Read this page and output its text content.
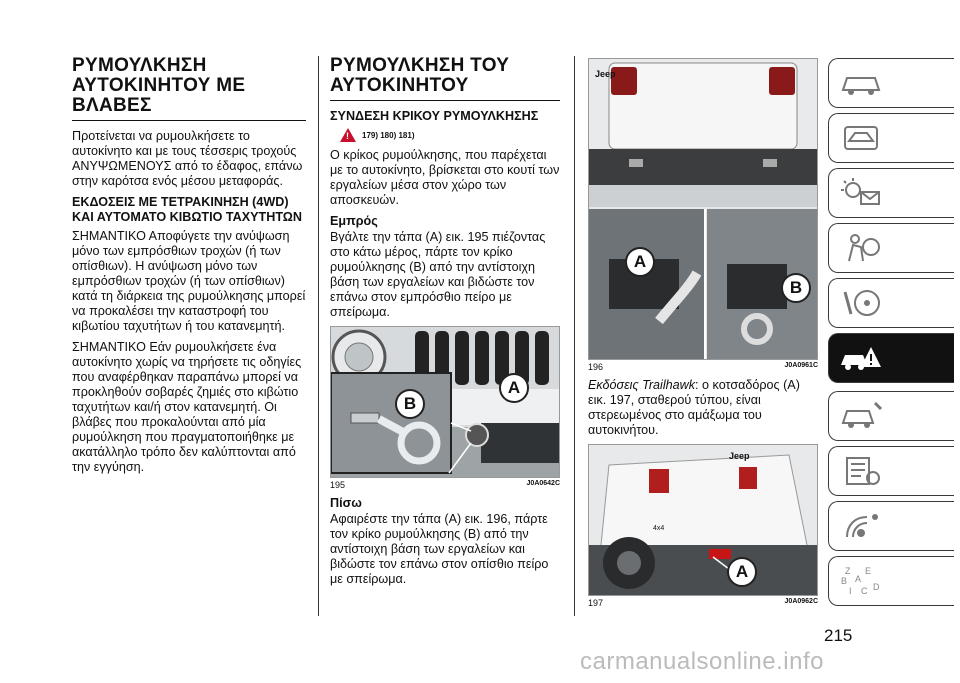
ΡΥΜΟΥΛΚΗΣΗ
ΑΥΤΟΚΙΝΗΤΟΥ ΜΕ ΒΛΑΒΕΣ

Προτείνεται να ρυμουλκήσετε το αυτοκίνητο και με τους τέσσερις τροχούς ΑΝΥΨΩΜΕΝΟΥΣ από το έδαφος, επάνω στην καρότσα ενός μέσου μεταφοράς.

ΕΚΔΟΣΕΙΣ ΜΕ ΤΕΤΡΑΚΙΝΗΣΗ (4WD) ΚΑΙ ΑΥΤΟΜΑΤΟ ΚΙΒΩΤΙΟ ΤΑΧΥΤΗΤΩΝ

ΣΗΜΑΝΤΙΚΟ Αποφύγετε την ανύψωση μόνο των εμπρόσθιων τροχών (ή των οπίσθιων). Η ανύψωση μόνο των εμπρόσθιων τροχών (ή των οπίσθιων) κατά τη διάρκεια της ρυμούλκησης μπορεί να προκαλέσει την καταστροφή του κιβωτίου ταχυτήτων ή του κατανεμητή.

ΣΗΜΑΝΤΙΚΟ Εάν ρυμουλκήσετε ένα αυτοκίνητο χωρίς να τηρήσετε τις οδηγίες που αναφέρθηκαν παραπάνω μπορεί να προκληθούν σοβαρές ζημιές στο κιβώτιο ταχυτήτων και/ή στον κατανεμητή. Οι βλάβες που προκαλούνται από μία ρυμούλκηση που πραγματοποιήθηκε με ακατάλληλο τρόπο δεν καλύπτονται από την εγγύηση.

ΡΥΜΟΥΛΚΗΣΗ ΤΟΥ
ΑΥΤΟΚΙΝΗΤΟΥ
ΣΥΝΔΕΣΗ ΚΡΙΚΟΥ ΡΥΜΟΥΛΚΗΣΗΣ
! 179) 180) 181)

Ο κρίκος ρυμούλκησης, που παρέχεται με το αυτοκίνητο, βρίσκεται στο κουτί των εργαλείων μέσα στον χώρο των αποσκευών.

Εμπρός

Βγάλτε την τάπα (A) εικ. 195 πιέζοντας στο κάτω μέρος, πάρτε τον κρίκο ρυμούλκησης (B) από την αντίστοιχη βάση των εργαλείων και βιδώστε τον επάνω στον εμπρόσθιο πείρο με σπείρωμα.

B
A
195	J0A0642C
Πίσω

Αφαιρέστε την τάπα (A) εικ. 196, πάρτε τον κρίκο ρυμούλκησης (B) από την αντίστοιχη βάση των εργαλείων και βιδώστε τον επάνω στον οπίσθιο πείρο με σπείρωμα.

Jeep
A
B
196	J0A0961C

Εκδόσεις Trailhawk: ο κοτσαδόρος (A) εικ. 197, σταθερού τύπου, είναι στερεωμένος στο αμάξωμα του αυτοκινήτου.

Jeep
4x4
A
197	J0A0962C
Z E
B A
I C D
215
carmanualsonline.info
